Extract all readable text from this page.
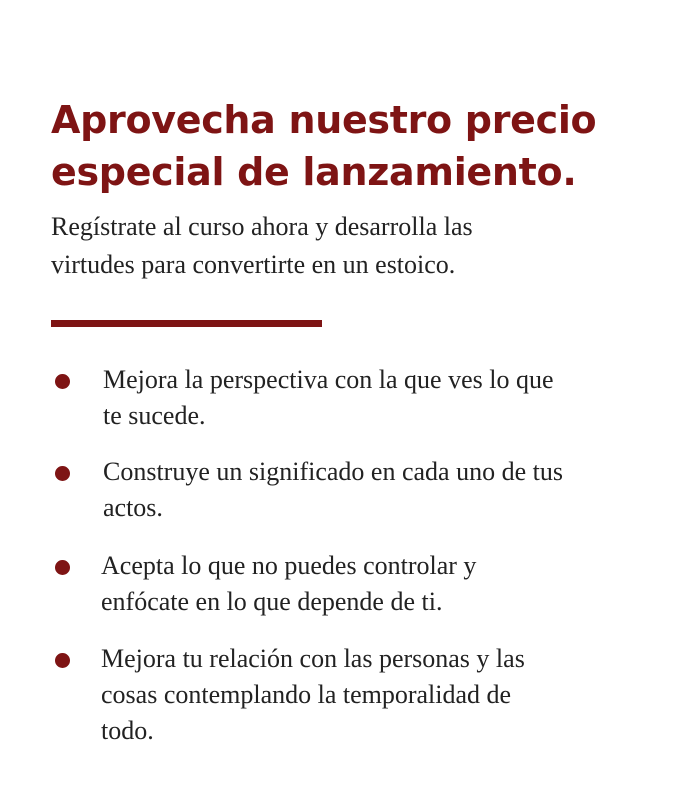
Aprovecha nuestro precio
especial de lanzamiento.

Regístrate al curso ahora y desarrolla las
virtudes para convertirte en un estoico.

Mejora la perspectiva con la que ves lo que
te sucede.
Construye un significado en cada uno de tus
actos.
Acepta lo que no puedes controlar y
enfócate en lo que depende de ti.
Mejora tu relación con las personas y las
cosas contemplando la temporalidad de
todo.
